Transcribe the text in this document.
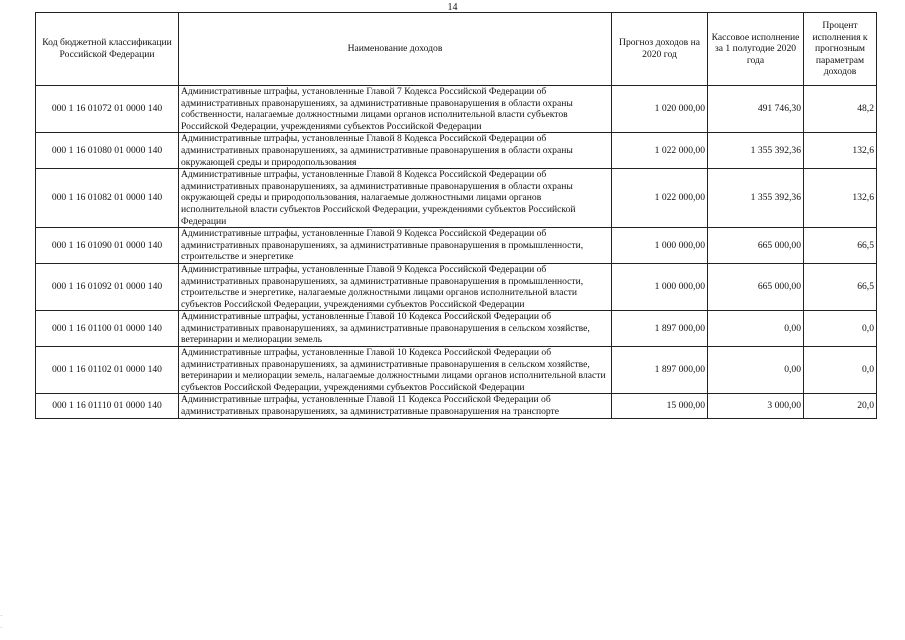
14
Код бюджетной классификации Российской Федерации	Наименование доходов	Прогноз доходов на 2020 год	Кассовое исполнение за 1 полугодие 2020 года	Процент исполнения к прогнозным параметрам доходов
000 1 16 01072 01 0000 140	Административные штрафы, установленные Главой 7 Кодекса Российской Федерации об административных правонарушениях, за административные правонарушения в области охраны собственности, налагаемые должностными лицами органов исполнительной власти субъектов Российской Федерации, учреждениями субъектов Российской Федерации	1 020 000,00	491 746,30	48,2
000 1 16 01080 01 0000 140	Административные штрафы, установленные Главой 8 Кодекса Российской Федерации об административных правонарушениях, за административные правонарушения в области охраны окружающей среды и природопользования	1 022 000,00	1 355 392,36	132,6
000 1 16 01082 01 0000 140	Административные штрафы, установленные Главой 8 Кодекса Российской Федерации об административных правонарушениях, за административные правонарушения в области охраны окружающей среды и природопользования, налагаемые должностными лицами органов исполнительной власти субъектов Российской Федерации, учреждениями субъектов Российской Федерации	1 022 000,00	1 355 392,36	132,6
000 1 16 01090 01 0000 140	Административные штрафы, установленные Главой 9 Кодекса Российской Федерации об административных правонарушениях, за административные правонарушения в промышленности, строительстве и энергетике	1 000 000,00	665 000,00	66,5
000 1 16 01092 01 0000 140	Административные штрафы, установленные Главой 9 Кодекса Российской Федерации об административных правонарушениях, за административные правонарушения в промышленности, строительстве и энергетике, налагаемые должностными лицами органов исполнительной власти субъектов Российской Федерации, учреждениями субъектов Российской Федерации	1 000 000,00	665 000,00	66,5
000 1 16 01100 01 0000 140	Административные штрафы, установленные Главой 10 Кодекса Российской Федерации об административных правонарушениях, за административные правонарушения в сельском хозяйстве, ветеринарии и мелиорации земель	1 897 000,00	0,00	0,0
000 1 16 01102 01 0000 140	Административные штрафы, установленные Главой 10 Кодекса Российской Федерации об административных правонарушениях, за административные правонарушения в сельском хозяйстве, ветеринарии и мелиорации земель, налагаемые должностными лицами органов исполнительной власти субъектов Российской Федерации, учреждениями субъектов Российской Федерации	1 897 000,00	0,00	0,0
000 1 16 01110 01 0000 140	Административные штрафы, установленные Главой 11 Кодекса Российской Федерации об административных правонарушениях, за административные правонарушения на транспорте	15 000,00	3 000,00	20,0
·
·
